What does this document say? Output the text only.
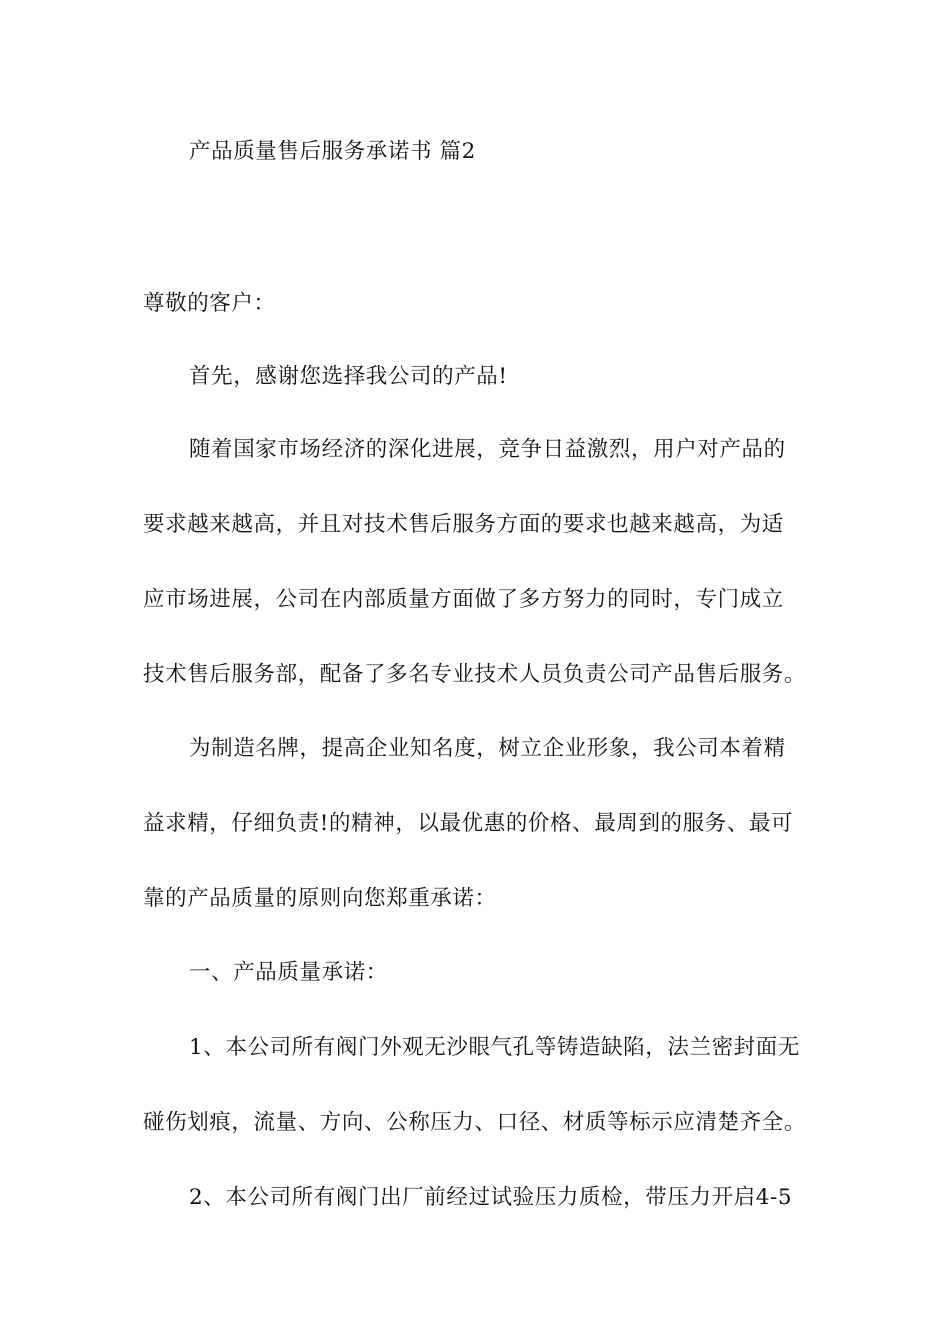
产品质量售后服务承诺书 篇2
尊敬的客户：
首先，感谢您选择我公司的产品!
随着国家市场经济的深化进展，竞争日益激烈，用户对产品的
要求越来越高，并且对技术售后服务方面的要求也越来越高，为适
应市场进展，公司在内部质量方面做了多方努力的同时，专门成立
技术售后服务部，配备了多名专业技术人员负责公司产品售后服务。
为制造名牌，提高企业知名度，树立企业形象，我公司本着精
益求精，仔细负责!的精神，以最优惠的价格、最周到的服务、最可
靠的产品质量的原则向您郑重承诺：
一、产品质量承诺：
1、本公司所有阀门外观无沙眼气孔等铸造缺陷，法兰密封面无
碰伤划痕，流量、方向、公称压力、口径、材质等标示应清楚齐全。
2、本公司所有阀门出厂前经过试验压力质检，带压力开启4-5
